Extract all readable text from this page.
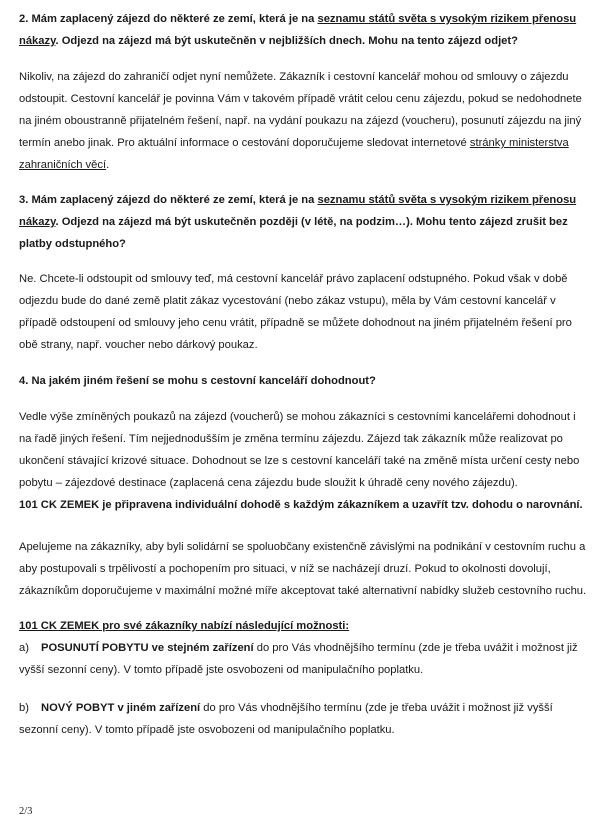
2. Mám zaplacený zájezd do některé ze zemí, která je na seznamu států světa s vysokým rizikem přenosu nákazy. Odjezd na zájezd má být uskutečněn v nejbližších dnech. Mohu na tento zájezd odjet?

Nikoliv, na zájezd do zahraničí odjet nyní nemůžete. Zákazník i cestovní kancelář mohou od smlouvy o zájezdu odstoupit. Cestovní kancelář je povinna Vám v takovém případě vrátit celou cenu zájezdu, pokud se nedohodnete na jiném oboustranně přijatelném řešení, např. na vydání poukazu na zájezd (voucheru), posunutí zájezdu na jiný termín anebo jinak. Pro aktuální informace o cestování doporučujeme sledovat internetové stránky ministerstva zahraničních věcí.

3. Mám zaplacený zájezd do některé ze zemí, která je na seznamu států světa s vysokým rizikem přenosu nákazy. Odjezd na zájezd má být uskutečněn později (v létě, na podzim…). Mohu tento zájezd zrušit bez platby odstupného?

Ne. Chcete-li odstoupit od smlouvy teď, má cestovní kancelář právo zaplacení odstupného. Pokud však v době odjezdu bude do dané země platit zákaz vycestování (nebo zákaz vstupu), měla by Vám cestovní kancelář v případě odstoupení od smlouvy jeho cenu vrátit, případně se můžete dohodnout na jiném přijatelném řešení pro obě strany, např. voucher nebo dárkový poukaz.

4. Na jakém jiném řešení se mohu s cestovní kanceláří dohodnout?

Vedle výše zmíněných poukazů na zájezd (voucherů) se mohou zákazníci s cestovními kancelářemi dohodnout i na řadě jiných řešení. Tím nejjednodušším je změna termínu zájezdu. Zájezd tak zákazník může realizovat po ukončení stávající krizové situace. Dohodnout se lze s cestovní kanceláří také na změně místa určení cesty nebo pobytu – zájezdové destinace (zaplacená cena zájezdu bude sloužit k úhradě ceny nového zájezdu).
101 CK ZEMEK je připravena individuální dohodě s každým zákazníkem a uzavřít tzv. dohodu o narovnání.

Apelujeme na zákazníky, aby byli solidární se spoluobčany existenčně závislými na podnikání v cestovním ruchu a aby postupovali s trpělivostí a pochopením pro situaci, v níž se nacházejí druzí. Pokud to okolnosti dovolují, zákazníkům doporučujeme v maximální možné míře akceptovat také alternativní nabídky služeb cestovního ruchu.

101 CK ZEMEK pro své zákazníky nabízí následující možnosti:

a) POSUNUTÍ POBYTU ve stejném zařízení do pro Vás vhodnějšího termínu (zde je třeba uvážit i možnost již vyšší sezonní ceny). V tomto případě jste osvobozeni od manipulačního poplatku.

b) NOVÝ POBYT v jiném zařízení do pro Vás vhodnějšího termínu (zde je třeba uvážit i možnost již vyšší sezonní ceny). V tomto případě jste osvobozeni od manipulačního poplatku.

2/3
